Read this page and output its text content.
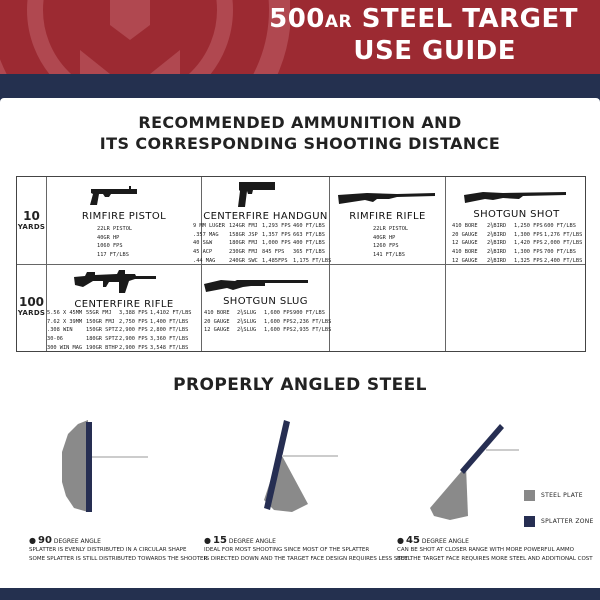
500AR STEEL TARGET
USE GUIDE
RECOMMENDED AMMUNITION AND
ITS CORRESPONDING SHOOTING DISTANCE
10
YARDS
100
YARDS
RIMFIRE PISTOL
22LR PISTOL
40GR HP
1060 FPS
117 FT/LBS
CENTERFIRE HANDGUN
9 MM LUGER
.357 MAG
40 S&W
45 ACP
.44 MAG
124GR FMJ
158GR JSP
180GR FMJ
230GR FMJ
240GR SWC
1,293 FPS
1,357 FPS
1,000 FPS
845 FPS
1,485FPS
460 FT/LBS
663 FT/LBS
400 FT/LBS
365 FT/LBS
1,175 FT/LBS
RIMFIRE RIFLE
22LR PISTOL
40GR HP
1260 FPS
141 FT/LBS
SHOTGUN SHOT
410 BORE
20 GAUGE
12 GAUGE
410 BORE
12 GAUGE
2¾BIRD
2¾BIRD
2¾BIRD
2¾BIRD
2¾BIRD
1,250 FPS
1,300 FPS
1,420 FPS
1,300 FPS
1,325 FPS
600 FT/LBS
1,276 FT/LBS
2,000 FT/LBS
700 FT/LBS
2,400 FT/LBS
CENTERFIRE RIFLE
5.56 X 45MM
7.62 X 39MM
.308 WIN
30-06
300 WIN MAG
55GR FMJ
150GR FMJ
150GR SPTZ
180GR SPTZ
190GR BTHP
3,388 FPS
2,750 FPS
2,900 FPS
2,900 FPS
2,900 FPS
1,4102 FT/LBS
1,400 FT/LBS
2,800 FT/LBS
3,360 FT/LBS
3,548 FT/LBS
SHOTGUN SLUG
410 BORE
20 GAUGE
12 GAUGE
2¾SLUG
2¾SLUG
2¾SLUG
1,600 FPS
1,600 FPS
1,600 FPS
900 FT/LBS
2,236 FT/LBS
2,935 FT/LBS
PROPERLY ANGLED STEEL
STEEL PLATE
SPLATTER ZONE
● 90 DEGREE ANGLE
SPLATTER IS EVENLY DISTRIBUTED IN A CIRCULAR SHAPE
SOME SPLATTER IS STILL DISTRIBUTED TOWARDS THE SHOOTER
● 15 DEGREE ANGLE
IDEAL FOR MOST SHOOTING SINCE MOST OF THE SPLATTER
IS DIRECTED DOWN AND THE TARGET FACE DESIGN REQUIRES LESS STEEL
● 45 DEGREE ANGLE
CAN BE SHOT AT CLOSER RANGE WITH MORE POWERFUL AMMO
BUT THE TARGET FACE REQUIRES MORE STEEL AND ADDITIONAL COST
